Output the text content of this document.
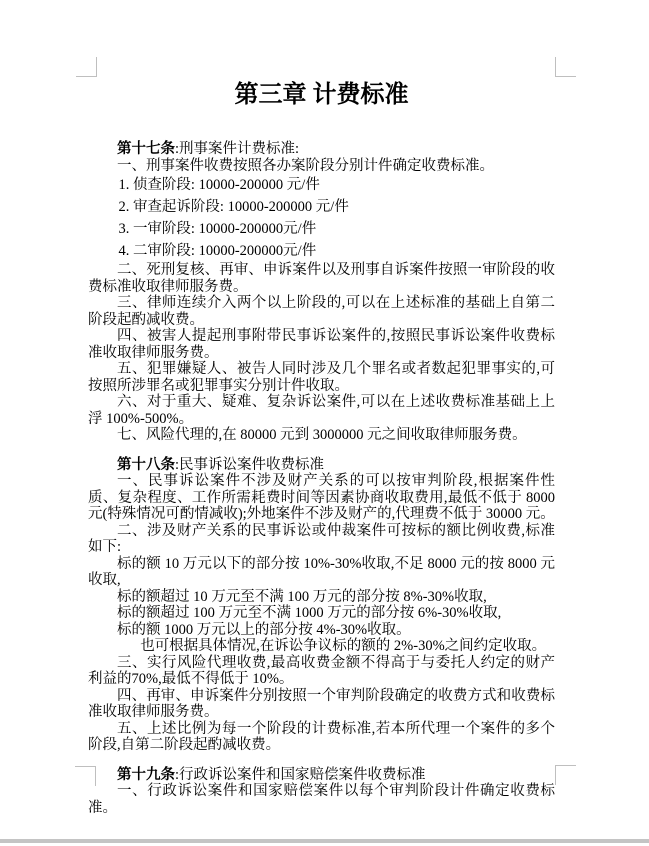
第三章 计费标准

第十七条:刑事案件计费标准:

一、刑事案件收费按照各办案阶段分别计件确定收费标准。

1. 侦查阶段: 10000-200000 元/件

2. 审查起诉阶段: 10000-200000 元/件

3. 一审阶段: 10000-200000元/件

4. 二审阶段: 10000-200000元/件

二、死刑复核、再审、申诉案件以及刑事自诉案件按照一审阶段的收费标准收取律师服务费。

三、律师连续介入两个以上阶段的,可以在上述标准的基础上自第二阶段起酌减收费。

四、被害人提起刑事附带民事诉讼案件的,按照民事诉讼案件收费标准收取律师服务费。

五、犯罪嫌疑人、被告人同时涉及几个罪名或者数起犯罪事实的,可按照所涉罪名或犯罪事实分别计件收取。

六、对于重大、疑难、复杂诉讼案件,可以在上述收费标准基础上上浮 100%-500%。

七、风险代理的,在 80000 元到 3000000 元之间收取律师服务费。

第十八条:民事诉讼案件收费标准

一、民事诉讼案件不涉及财产关系的可以按审判阶段,根据案件性质、复杂程度、工作所需耗费时间等因素协商收取费用,最低不低于 8000 元(特殊情况可酌情减收);外地案件不涉及财产的,代理费不低于 30000 元。

二、涉及财产关系的民事诉讼或仲裁案件可按标的额比例收费,标准如下:

标的额 10 万元以下的部分按 10%-30%收取,不足 8000 元的按 8000 元收取,

标的额超过 10 万元至不满 100 万元的部分按 8%-30%收取,

标的额超过 100 万元至不满 1000 万元的部分按 6%-30%收取,

标的额 1000 万元以上的部分按 4%-30%收取。

也可根据具体情况,在诉讼争议标的额的 2%-30%之间约定收取。

三、实行风险代理收费,最高收费金额不得高于与委托人约定的财产利益的70%,最低不得低于 10%。

四、再审、申诉案件分别按照一个审判阶段确定的收费方式和收费标准收取律师服务费。

五、上述比例为每一个阶段的计费标准,若本所代理一个案件的多个阶段,自第二阶段起酌减收费。

第十九条:行政诉讼案件和国家赔偿案件收费标准

一、行政诉讼案件和国家赔偿案件以每个审判阶段计件确定收费标准。
